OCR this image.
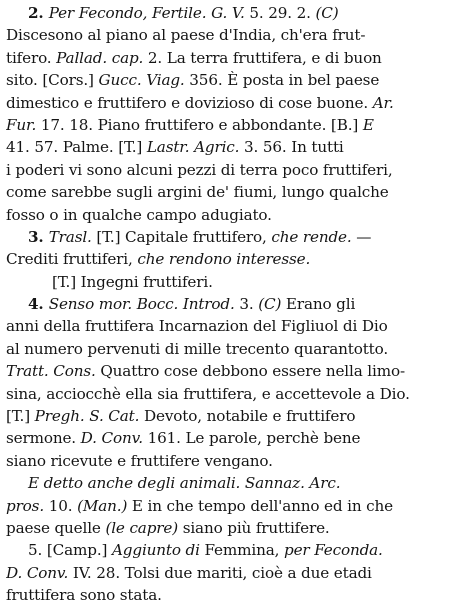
2. Per Fecondo, Fertile. G. V. 5. 29. 2. (C)
Discesono al piano al paese d'India, ch'era frut-
tifero. Pallad. cap. 2. La terra fruttifera, e di buon
sito. [Cors.] Gucc. Viag. 356. È posta in bel paese
dimestico e fruttifero e dovizioso di cose buone. Ar.
Fur. 17. 18. Piano fruttifero e abbondante. [B.] E
41. 57. Palme. [T.] Lastr. Agric. 3. 56. In tutti
i poderi vi sono alcuni pezzi di terra poco fruttiferi,
come sarebbe sugli argini de' fiumi, lungo qualche
fosso o in qualche campo adugiato.
3. Trasl. [T.] Capitale fruttifero, che rende. —
Crediti fruttiferi, che rendono interesse.
[T.] Ingegni fruttiferi.
4. Senso mor. Bocc. Introd. 3. (C) Erano gli
anni della fruttifera Incarnazion del Figliuol di Dio
al numero pervenuti di mille trecento quarantotto.
Tratt. Cons. Quattro cose debbono essere nella limo-
sina, acciocchè ella sia fruttifera, e accettevole a Dio.
[T.] Pregh. S. Cat. Devoto, notabile e fruttifero
sermone. D. Conv. 161. Le parole, perchè bene
siano ricevute e fruttifere vengano.
E detto anche degli animali. Sannaz. Arc.
pros. 10. (Man.) E in che tempo dell'anno ed in che
paese quelle (le capre) siano più fruttifere.
5. [Camp.] Aggiunto di Femmina, per Feconda.
D. Conv. IV. 28. Tolsi due mariti, cioè a due etadi
fruttifera sono stata.
